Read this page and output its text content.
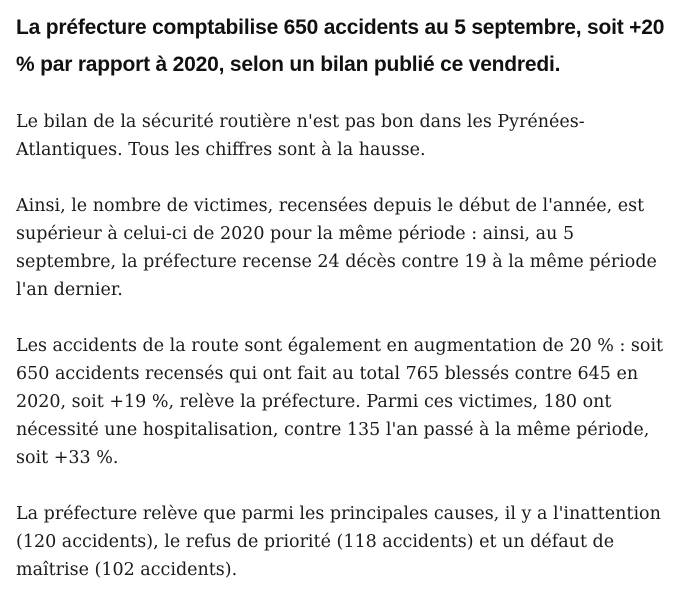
La préfecture comptabilise 650 accidents au 5 septembre, soit +20 % par rapport à 2020, selon un bilan publié ce vendredi.

Le bilan de la sécurité routière n'est pas bon dans les Pyrénées-Atlantiques. Tous les chiffres sont à la hausse.

Ainsi, le nombre de victimes, recensées depuis le début de l'année, est supérieur à celui-ci de 2020 pour la même période : ainsi, au 5 septembre, la préfecture recense 24 décès contre 19 à la même période l'an dernier.

Les accidents de la route sont également en augmentation de 20 % : soit 650 accidents recensés qui ont fait au total 765 blessés contre 645 en 2020, soit +19 %, relève la préfecture. Parmi ces victimes, 180 ont nécessité une hospitalisation, contre 135 l'an passé à la même période, soit +33 %.

La préfecture relève que parmi les principales causes, il y a l'inattention (120 accidents), le refus de priorité (118 accidents) et un défaut de maîtrise (102 accidents).
